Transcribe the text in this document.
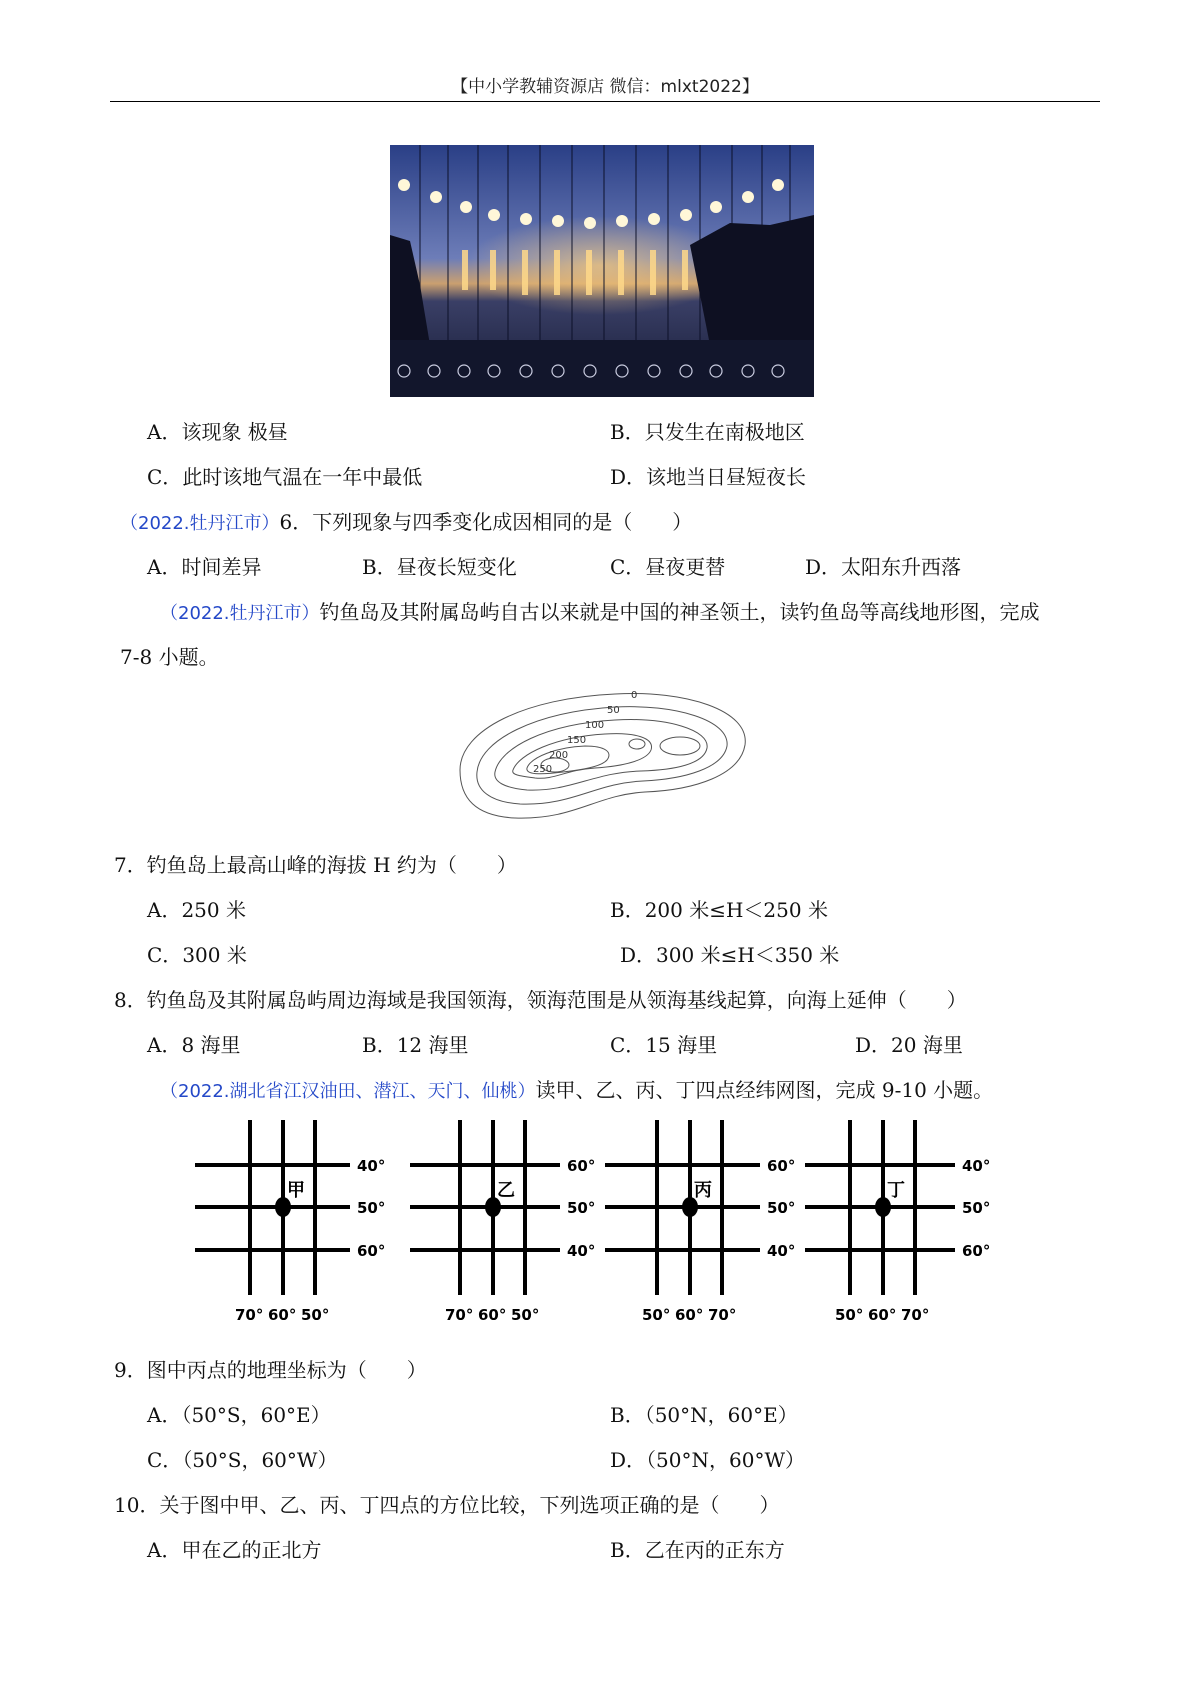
【中小学教辅资源店 微信：mlxt2022】
A．该现象 极昼	B．只发生在南极地区
C．此时该地气温在一年中最低	D．该地当日昼短夜长
（2022.牡丹江市）6．下列现象与四季变化成因相同的是（　　）
A．时间差异	B．昼夜长短变化	C．昼夜更替	D．太阳东升西落
（2022.牡丹江市）钓鱼岛及其附属岛屿自古以来就是中国的神圣领土，读钓鱼岛等高线地形图，完成
7-8 小题。
0
50
100
150
200
250
7．钓鱼岛上最高山峰的海拔 H 约为（　　）
A．250 米	B．200 米≤H＜250 米
C．300 米	D．300 米≤H＜350 米
8．钓鱼岛及其附属岛屿周边海域是我国领海，领海范围是从领海基线起算，向海上延伸（　　）
A．8 海里	B．12 海里	C．15 海里	D．20 海里
（2022.湖北省江汉油田、潜江、天门、仙桃）读甲、乙、丙、丁四点经纬网图，完成 9-10 小题。
甲	乙	丙	丁
40°
50°
60°
60°
50°
40°
60°
50°
40°
40°
50°
60°
70° 60° 50°	70° 60° 50°	50° 60° 70°	50° 60° 70°
9．图中丙点的地理坐标为（　　）
A．（50°S，60°E）	B．（50°N，60°E）
C．（50°S，60°W）	D．（50°N，60°W）
10．关于图中甲、乙、丙、丁四点的方位比较，下列选项正确的是（　　）
A．甲在乙的正北方	B．乙在丙的正东方
